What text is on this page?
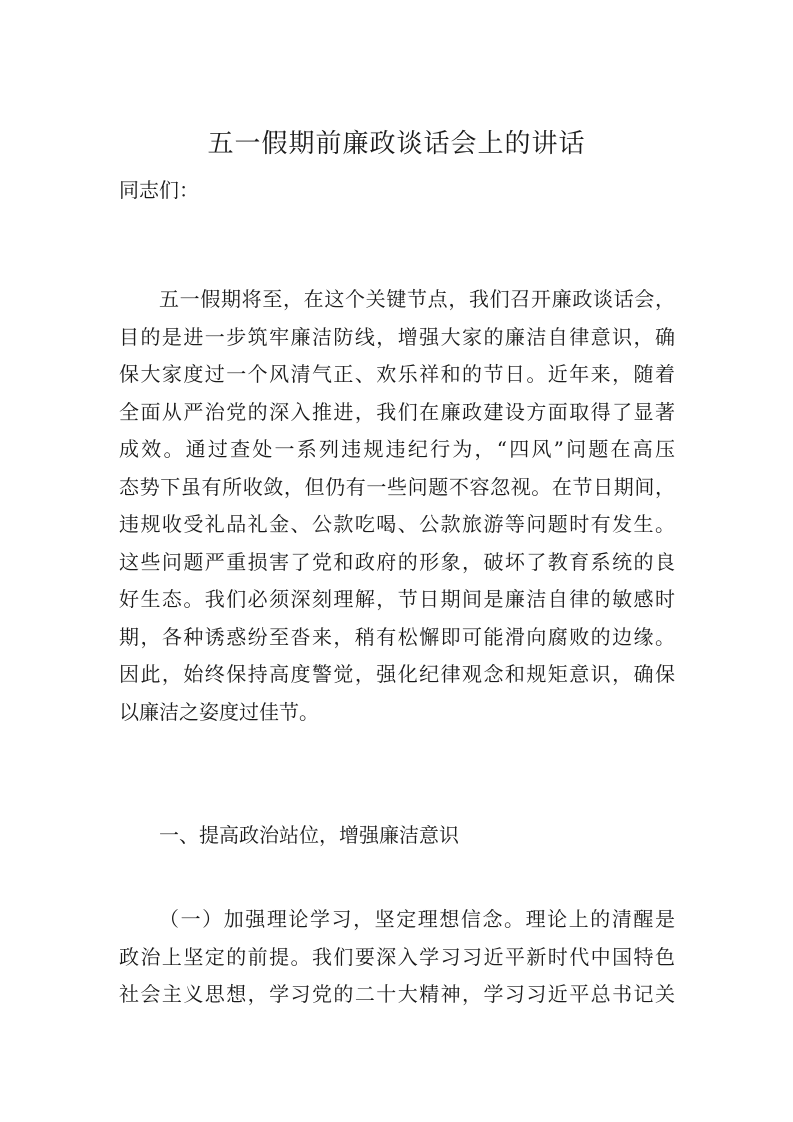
五一假期前廉政谈话会上的讲话

同志们：

五一假期将至，在这个关键节点，我们召开廉政谈话会，
目的是进一步筑牢廉洁防线，增强大家的廉洁自律意识，确
保大家度过一个风清气正、欢乐祥和的节日。近年来，随着
全面从严治党的深入推进，我们在廉政建设方面取得了显著
成效。通过查处一系列违规违纪行为，“四风”问题在高压
态势下虽有所收敛，但仍有一些问题不容忽视。在节日期间，
违规收受礼品礼金、公款吃喝、公款旅游等问题时有发生。
这些问题严重损害了党和政府的形象，破坏了教育系统的良
好生态。我们必须深刻理解，节日期间是廉洁自律的敏感时
期，各种诱惑纷至沓来，稍有松懈即可能滑向腐败的边缘。
因此，始终保持高度警觉，强化纪律观念和规矩意识，确保
以廉洁之姿度过佳节。

一、提高政治站位，增强廉洁意识

（一）加强理论学习，坚定理想信念。理论上的清醒是
政治上坚定的前提。我们要深入学习习近平新时代中国特色
社会主义思想，学习党的二十大精神，学习习近平总书记关
